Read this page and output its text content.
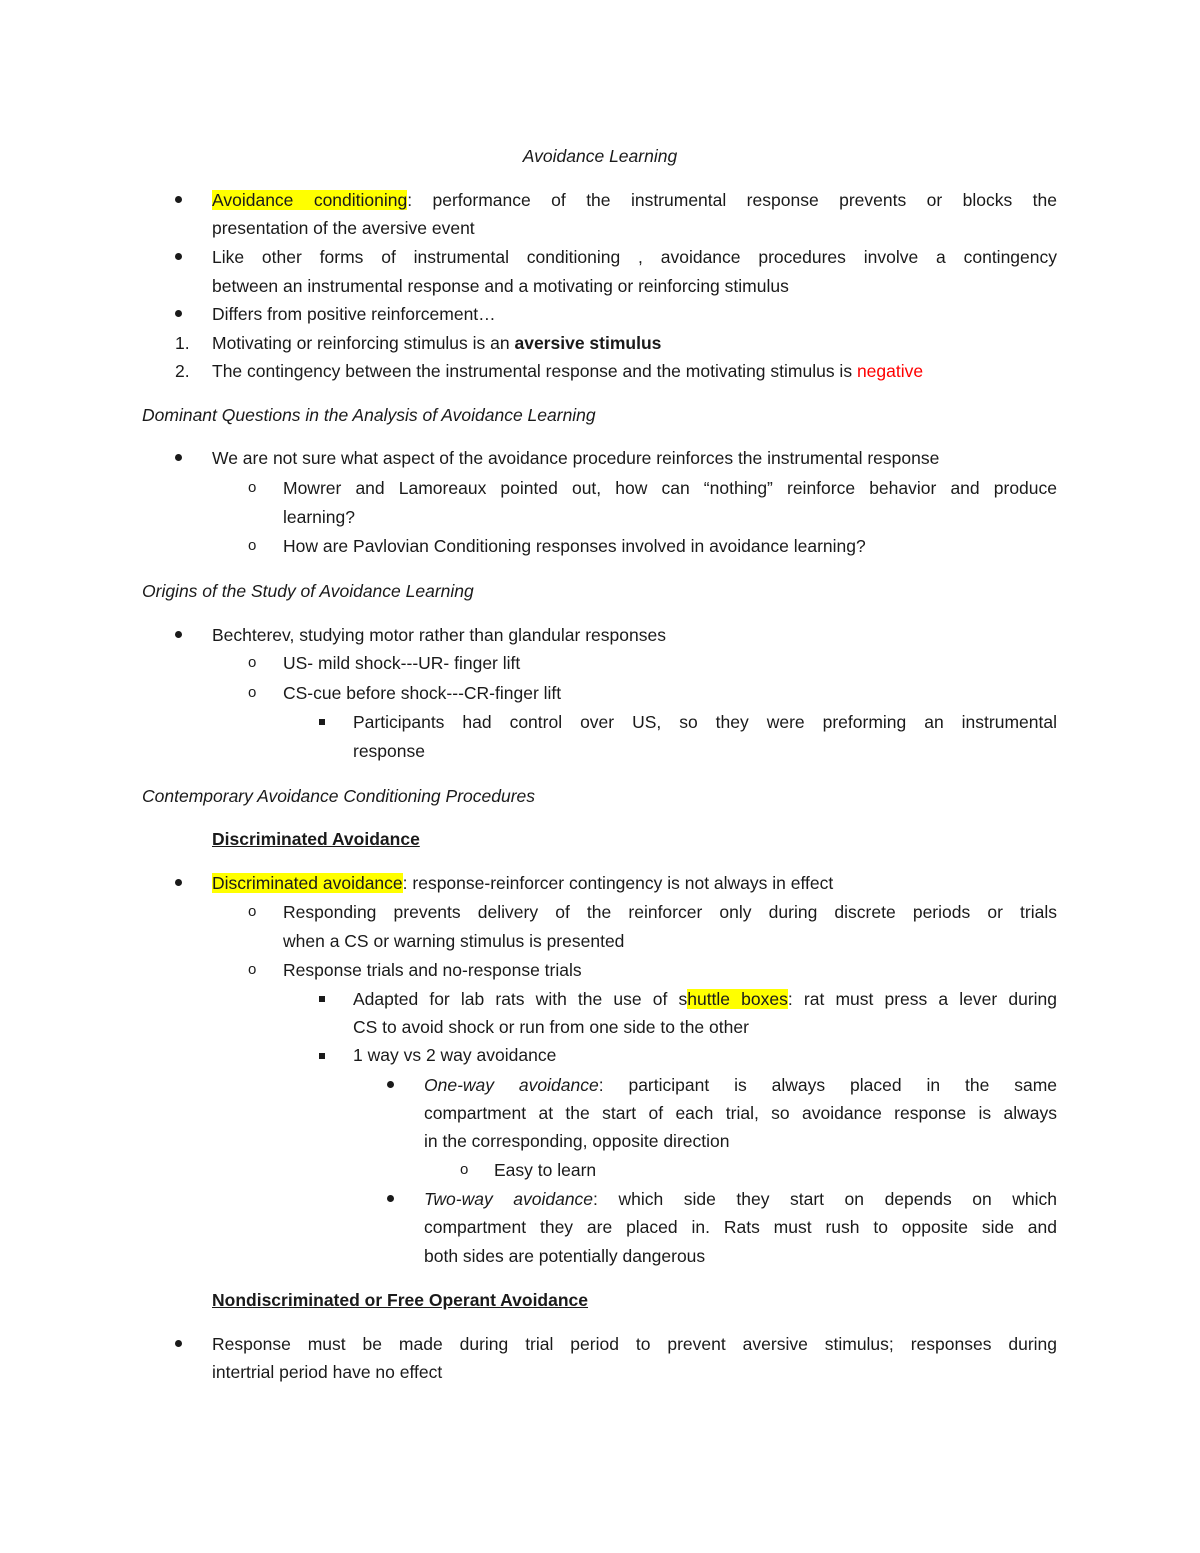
Avoidance Learning
Avoidance conditioning: performance of the instrumental response prevents or blocks the
presentation of the aversive event
Like other forms of instrumental conditioning , avoidance procedures involve a contingency
between an instrumental response and a motivating or reinforcing stimulus
Differs from positive reinforcement…
1. Motivating or reinforcing stimulus is an aversive stimulus
2. The contingency between the instrumental response and the motivating stimulus is negative
Dominant Questions in the Analysis of Avoidance Learning
We are not sure what aspect of the avoidance procedure reinforces the instrumental response
o Mowrer and Lamoreaux pointed out, how can “nothing” reinforce behavior and produce
learning?
o How are Pavlovian Conditioning responses involved in avoidance learning?
Origins of the Study of Avoidance Learning
Bechterev, studying motor rather than glandular responses
o US- mild shock---UR- finger lift
o CS-cue before shock---CR-finger lift
Participants had control over US, so they were preforming an instrumental
response
Contemporary Avoidance Conditioning Procedures
Discriminated Avoidance
Discriminated avoidance: response-reinforcer contingency is not always in effect
o Responding prevents delivery of the reinforcer only during discrete periods or trials
when a CS or warning stimulus is presented
o Response trials and no-response trials
Adapted for lab rats with the use of shuttle boxes: rat must press a lever during
CS to avoid shock or run from one side to the other
1 way vs 2 way avoidance
One-way avoidance: participant is always placed in the same
compartment at the start of each trial, so avoidance response is always
in the corresponding, opposite direction
o Easy to learn
Two-way avoidance: which side they start on depends on which
compartment they are placed in. Rats must rush to opposite side and
both sides are potentially dangerous
Nondiscriminated or Free Operant Avoidance
Response must be made during trial period to prevent aversive stimulus; responses during
intertrial period have no effect
